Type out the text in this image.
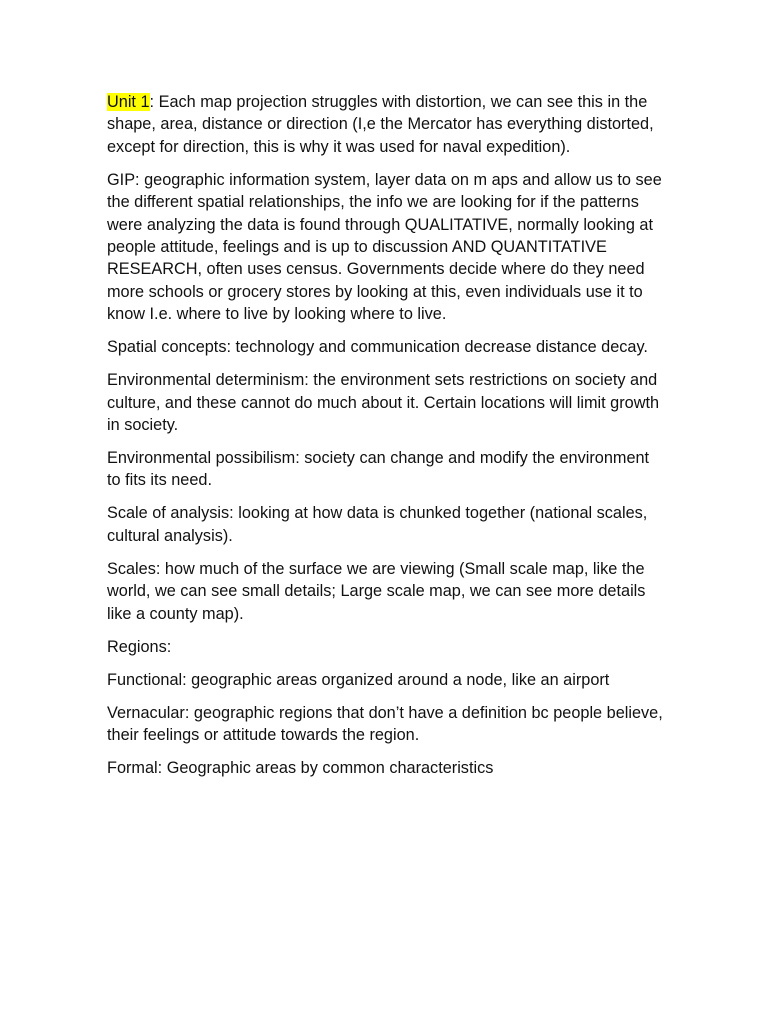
Unit 1: Each map projection struggles with distortion, we can see this in the shape, area, distance or direction (I,e the Mercator has everything distorted, except for direction, this is why it was used for naval expedition).

GIP: geographic information system, layer data on m aps and allow us to see the different spatial relationships, the info we are looking for if the patterns were analyzing the data is found through QUALITATIVE, normally looking at people attitude, feelings and is up to discussion AND QUANTITATIVE RESEARCH, often uses census. Governments decide where do they need more schools or grocery stores by looking at this, even individuals use it to know I.e. where to live by looking where to live.

Spatial concepts: technology and communication decrease distance decay.

Environmental determinism: the environment sets restrictions on society and culture, and these cannot do much about it. Certain locations will limit growth in society.

Environmental possibilism: society can change and modify the environment to fits its need.

Scale of analysis: looking at how data is chunked together (national scales, cultural analysis).

Scales: how much of the surface we are viewing (Small scale map, like the world, we can see small details; Large scale map, we can see more details like a county map).

Regions:

Functional: geographic areas organized around a node, like an airport

Vernacular: geographic regions that don’t have a definition bc people believe, their feelings or attitude towards the region.

Formal: Geographic areas by common characteristics
